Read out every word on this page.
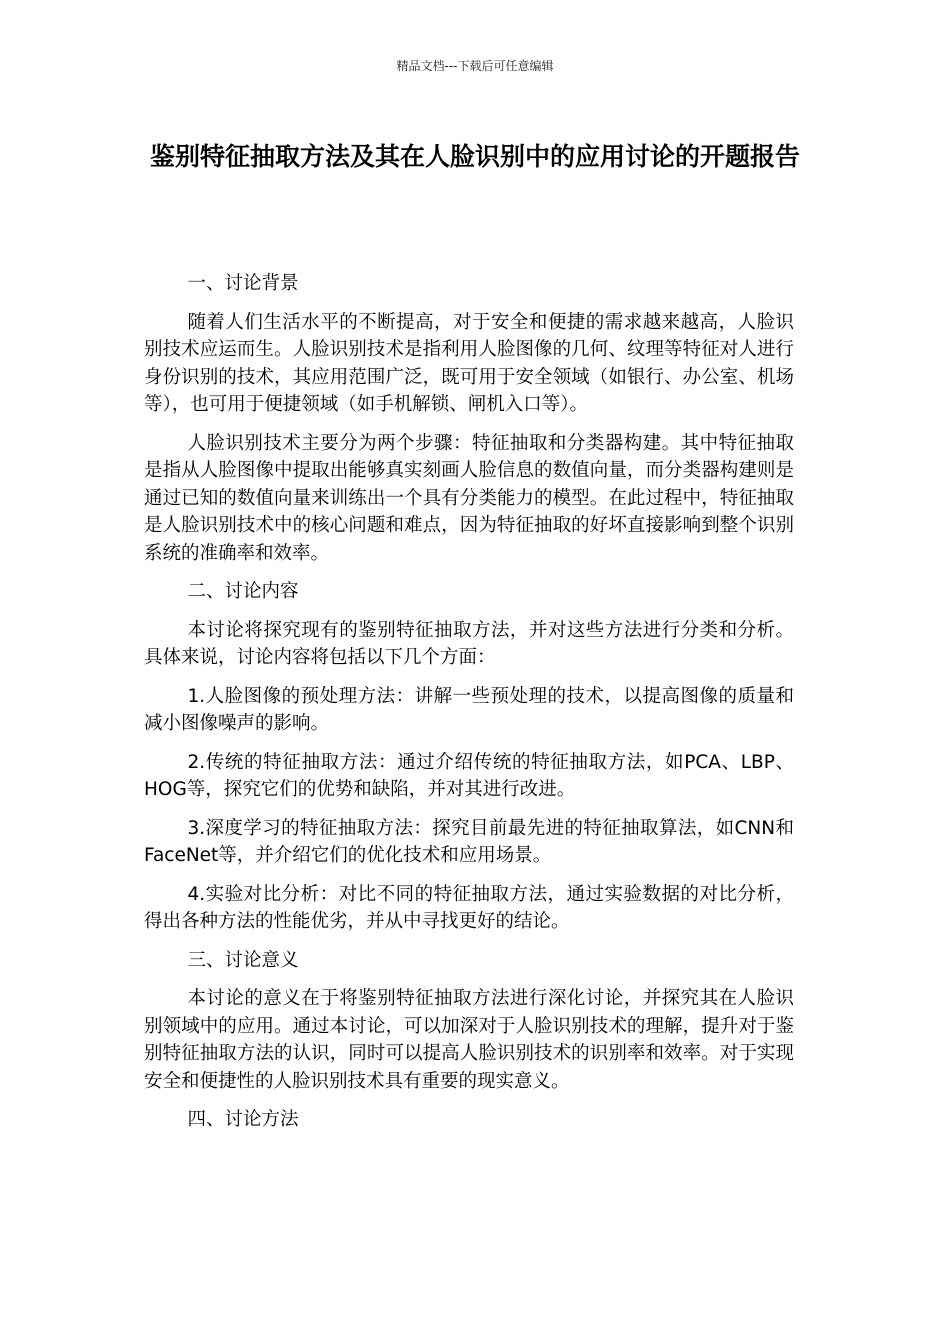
精品文档---下载后可任意编辑
鉴别特征抽取方法及其在人脸识别中的应用讨论的开题报告

一、讨论背景

随着人们生活水平的不断提高，对于安全和便捷的需求越来越高，人脸识别技术应运而生。人脸识别技术是指利用人脸图像的几何、纹理等特征对人进行身份识别的技术，其应用范围广泛，既可用于安全领域（如银行、办公室、机场等），也可用于便捷领域（如手机解锁、闸机入口等）。

人脸识别技术主要分为两个步骤：特征抽取和分类器构建。其中特征抽取是指从人脸图像中提取出能够真实刻画人脸信息的数值向量，而分类器构建则是通过已知的数值向量来训练出一个具有分类能力的模型。在此过程中，特征抽取是人脸识别技术中的核心问题和难点，因为特征抽取的好坏直接影响到整个识别系统的准确率和效率。

二、讨论内容

本讨论将探究现有的鉴别特征抽取方法，并对这些方法进行分类和分析。具体来说，讨论内容将包括以下几个方面：

1.人脸图像的预处理方法：讲解一些预处理的技术，以提高图像的质量和减小图像噪声的影响。

2.传统的特征抽取方法：通过介绍传统的特征抽取方法，如PCA、LBP、HOG等，探究它们的优势和缺陷，并对其进行改进。

3.深度学习的特征抽取方法：探究目前最先进的特征抽取算法，如CNN和FaceNet等，并介绍它们的优化技术和应用场景。

4.实验对比分析：对比不同的特征抽取方法，通过实验数据的对比分析，得出各种方法的性能优劣，并从中寻找更好的结论。

三、讨论意义

本讨论的意义在于将鉴别特征抽取方法进行深化讨论，并探究其在人脸识别领域中的应用。通过本讨论，可以加深对于人脸识别技术的理解，提升对于鉴别特征抽取方法的认识，同时可以提高人脸识别技术的识别率和效率。对于实现安全和便捷性的人脸识别技术具有重要的现实意义。

四、讨论方法
